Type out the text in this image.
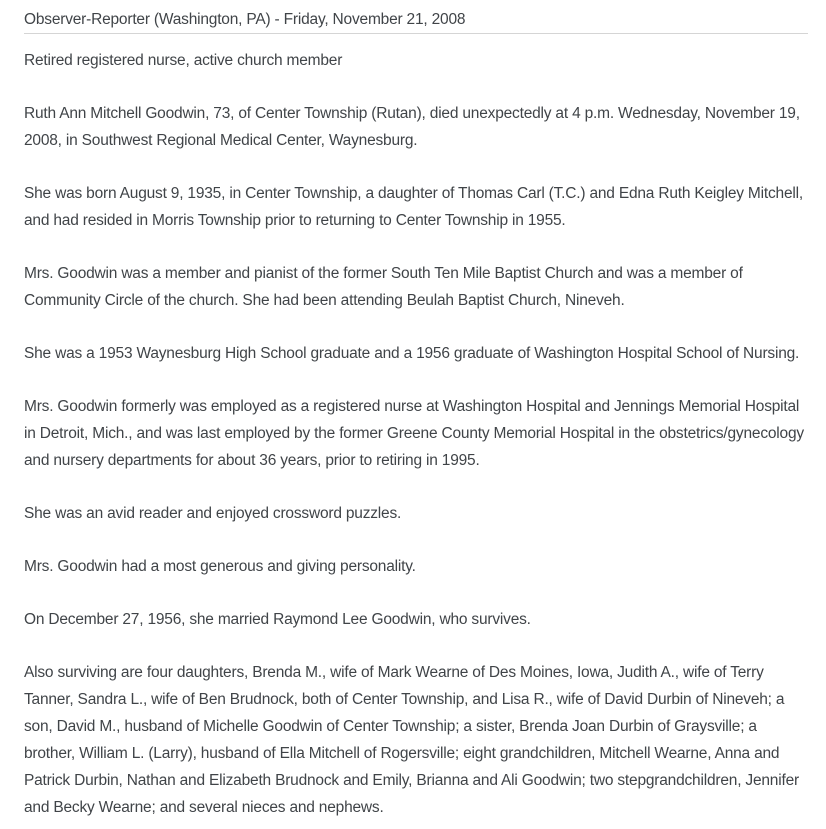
Observer-Reporter (Washington, PA) - Friday, November 21, 2008

Retired registered nurse, active church member

Ruth Ann Mitchell Goodwin, 73, of Center Township (Rutan), died unexpectedly at 4 p.m. Wednesday, November 19, 2008, in Southwest Regional Medical Center, Waynesburg.

She was born August 9, 1935, in Center Township, a daughter of Thomas Carl (T.C.) and Edna Ruth Keigley Mitchell, and had resided in Morris Township prior to returning to Center Township in 1955.

Mrs. Goodwin was a member and pianist of the former South Ten Mile Baptist Church and was a member of Community Circle of the church. She had been attending Beulah Baptist Church, Nineveh.

She was a 1953 Waynesburg High School graduate and a 1956 graduate of Washington Hospital School of Nursing.

Mrs. Goodwin formerly was employed as a registered nurse at Washington Hospital and Jennings Memorial Hospital in Detroit, Mich., and was last employed by the former Greene County Memorial Hospital in the obstetrics/gynecology and nursery departments for about 36 years, prior to retiring in 1995.

She was an avid reader and enjoyed crossword puzzles.

Mrs. Goodwin had a most generous and giving personality.

On December 27, 1956, she married Raymond Lee Goodwin, who survives.

Also surviving are four daughters, Brenda M., wife of Mark Wearne of Des Moines, Iowa, Judith A., wife of Terry Tanner, Sandra L., wife of Ben Brudnock, both of Center Township, and Lisa R., wife of David Durbin of Nineveh; a son, David M., husband of Michelle Goodwin of Center Township; a sister, Brenda Joan Durbin of Graysville; a brother, William L. (Larry), husband of Ella Mitchell of Rogersville; eight grandchildren, Mitchell Wearne, Anna and Patrick Durbin, Nathan and Elizabeth Brudnock and Emily, Brianna and Ali Goodwin; two stepgrandchildren, Jennifer and Becky Wearne; and several nieces and nephews.
